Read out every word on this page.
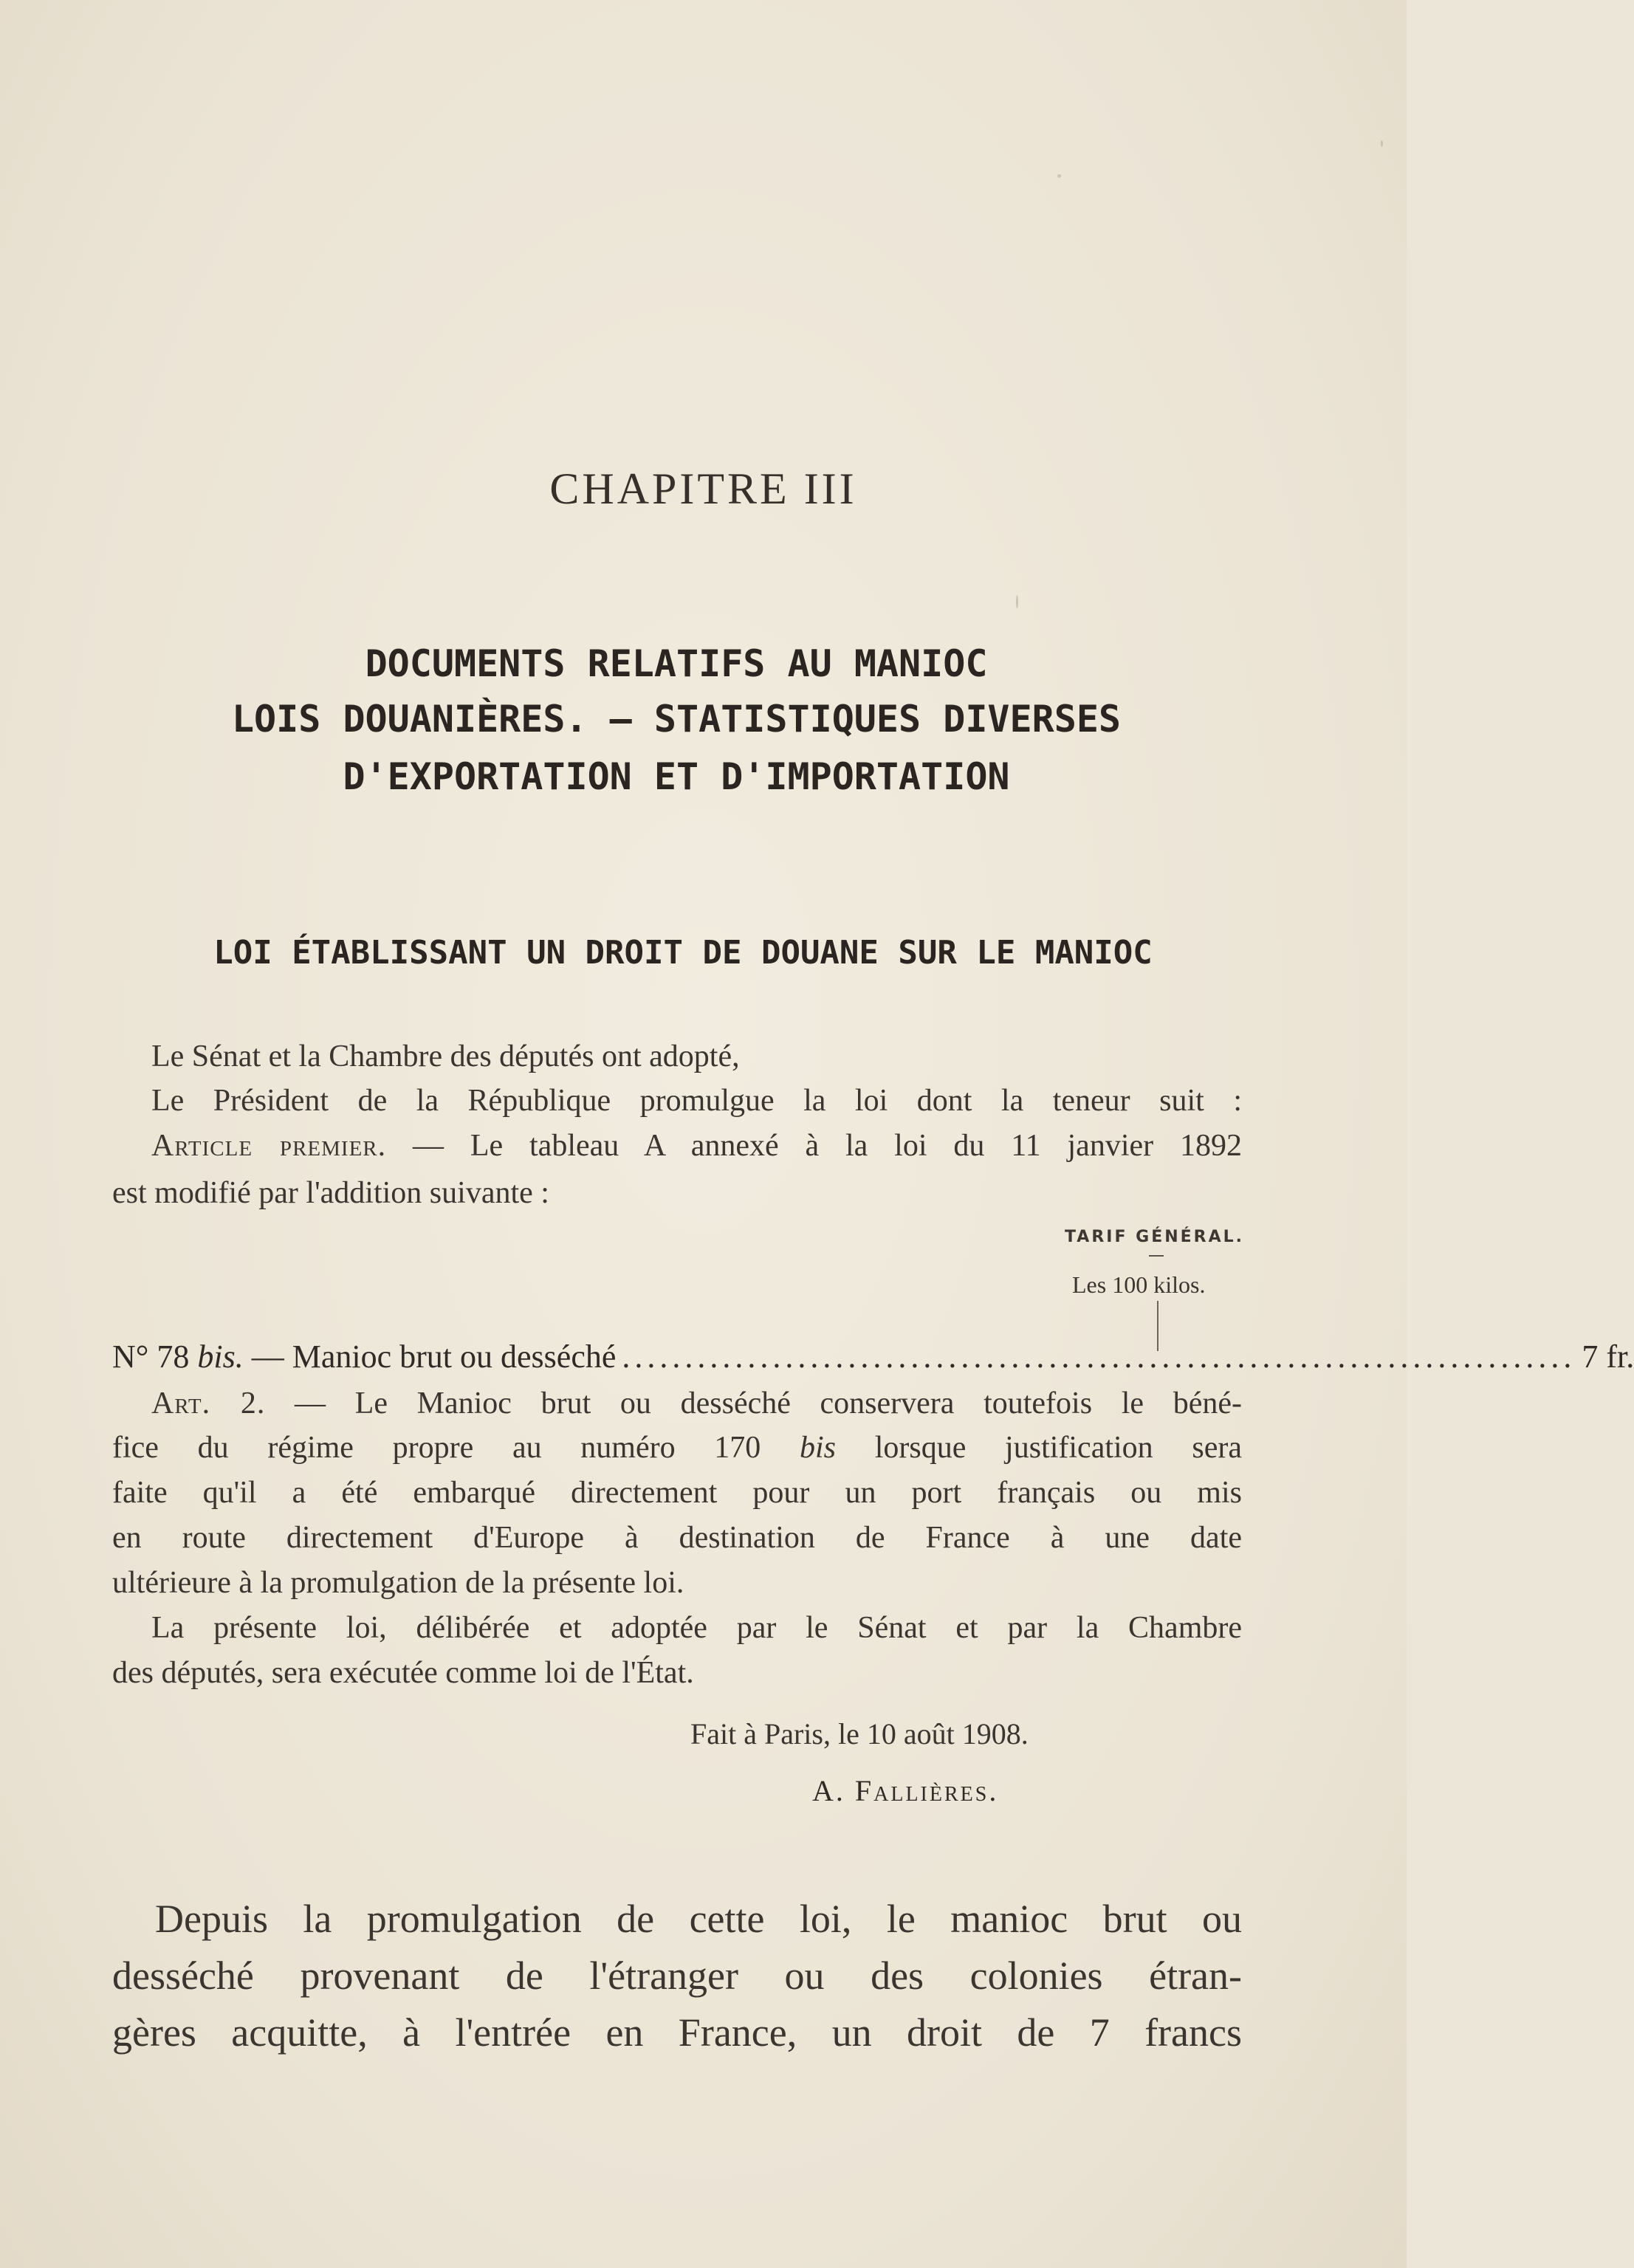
CHAPITRE III
DOCUMENTS RELATIFS AU MANIOC
LOIS DOUANIÈRES. — STATISTIQUES DIVERSES
D'EXPORTATION ET D'IMPORTATION
LOI ÉTABLISSANT UN DROIT DE DOUANE SUR LE MANIOC

Le Sénat et la Chambre des députés ont adopté,

Le Président de la République promulgue la loi dont la teneur suit :

Article premier. — Le tableau A annexé à la loi du 11 janvier 1892

est modifié par l'addition suivante :

TARIF GÉNÉRAL.
Les 100 kilos.
N° 78 bis. — Manioc brut ou desséché ............................................................................ 7 fr.

Art. 2. — Le Manioc brut ou desséché conservera toutefois le béné-

fice du régime propre au numéro 170 bis lorsque justification sera

faite qu'il a été embarqué directement pour un port français ou mis

en route directement d'Europe à destination de France à une date

ultérieure à la promulgation de la présente loi.

La présente loi, délibérée et adoptée par le Sénat et par la Chambre

des députés, sera exécutée comme loi de l'État.

Fait à Paris, le 10 août 1908.

A. Fallières.

Depuis la promulgation de cette loi, le manioc brut ou

desséché provenant de l'étranger ou des colonies étran-

gères acquitte, à l'entrée en France, un droit de 7 francs
